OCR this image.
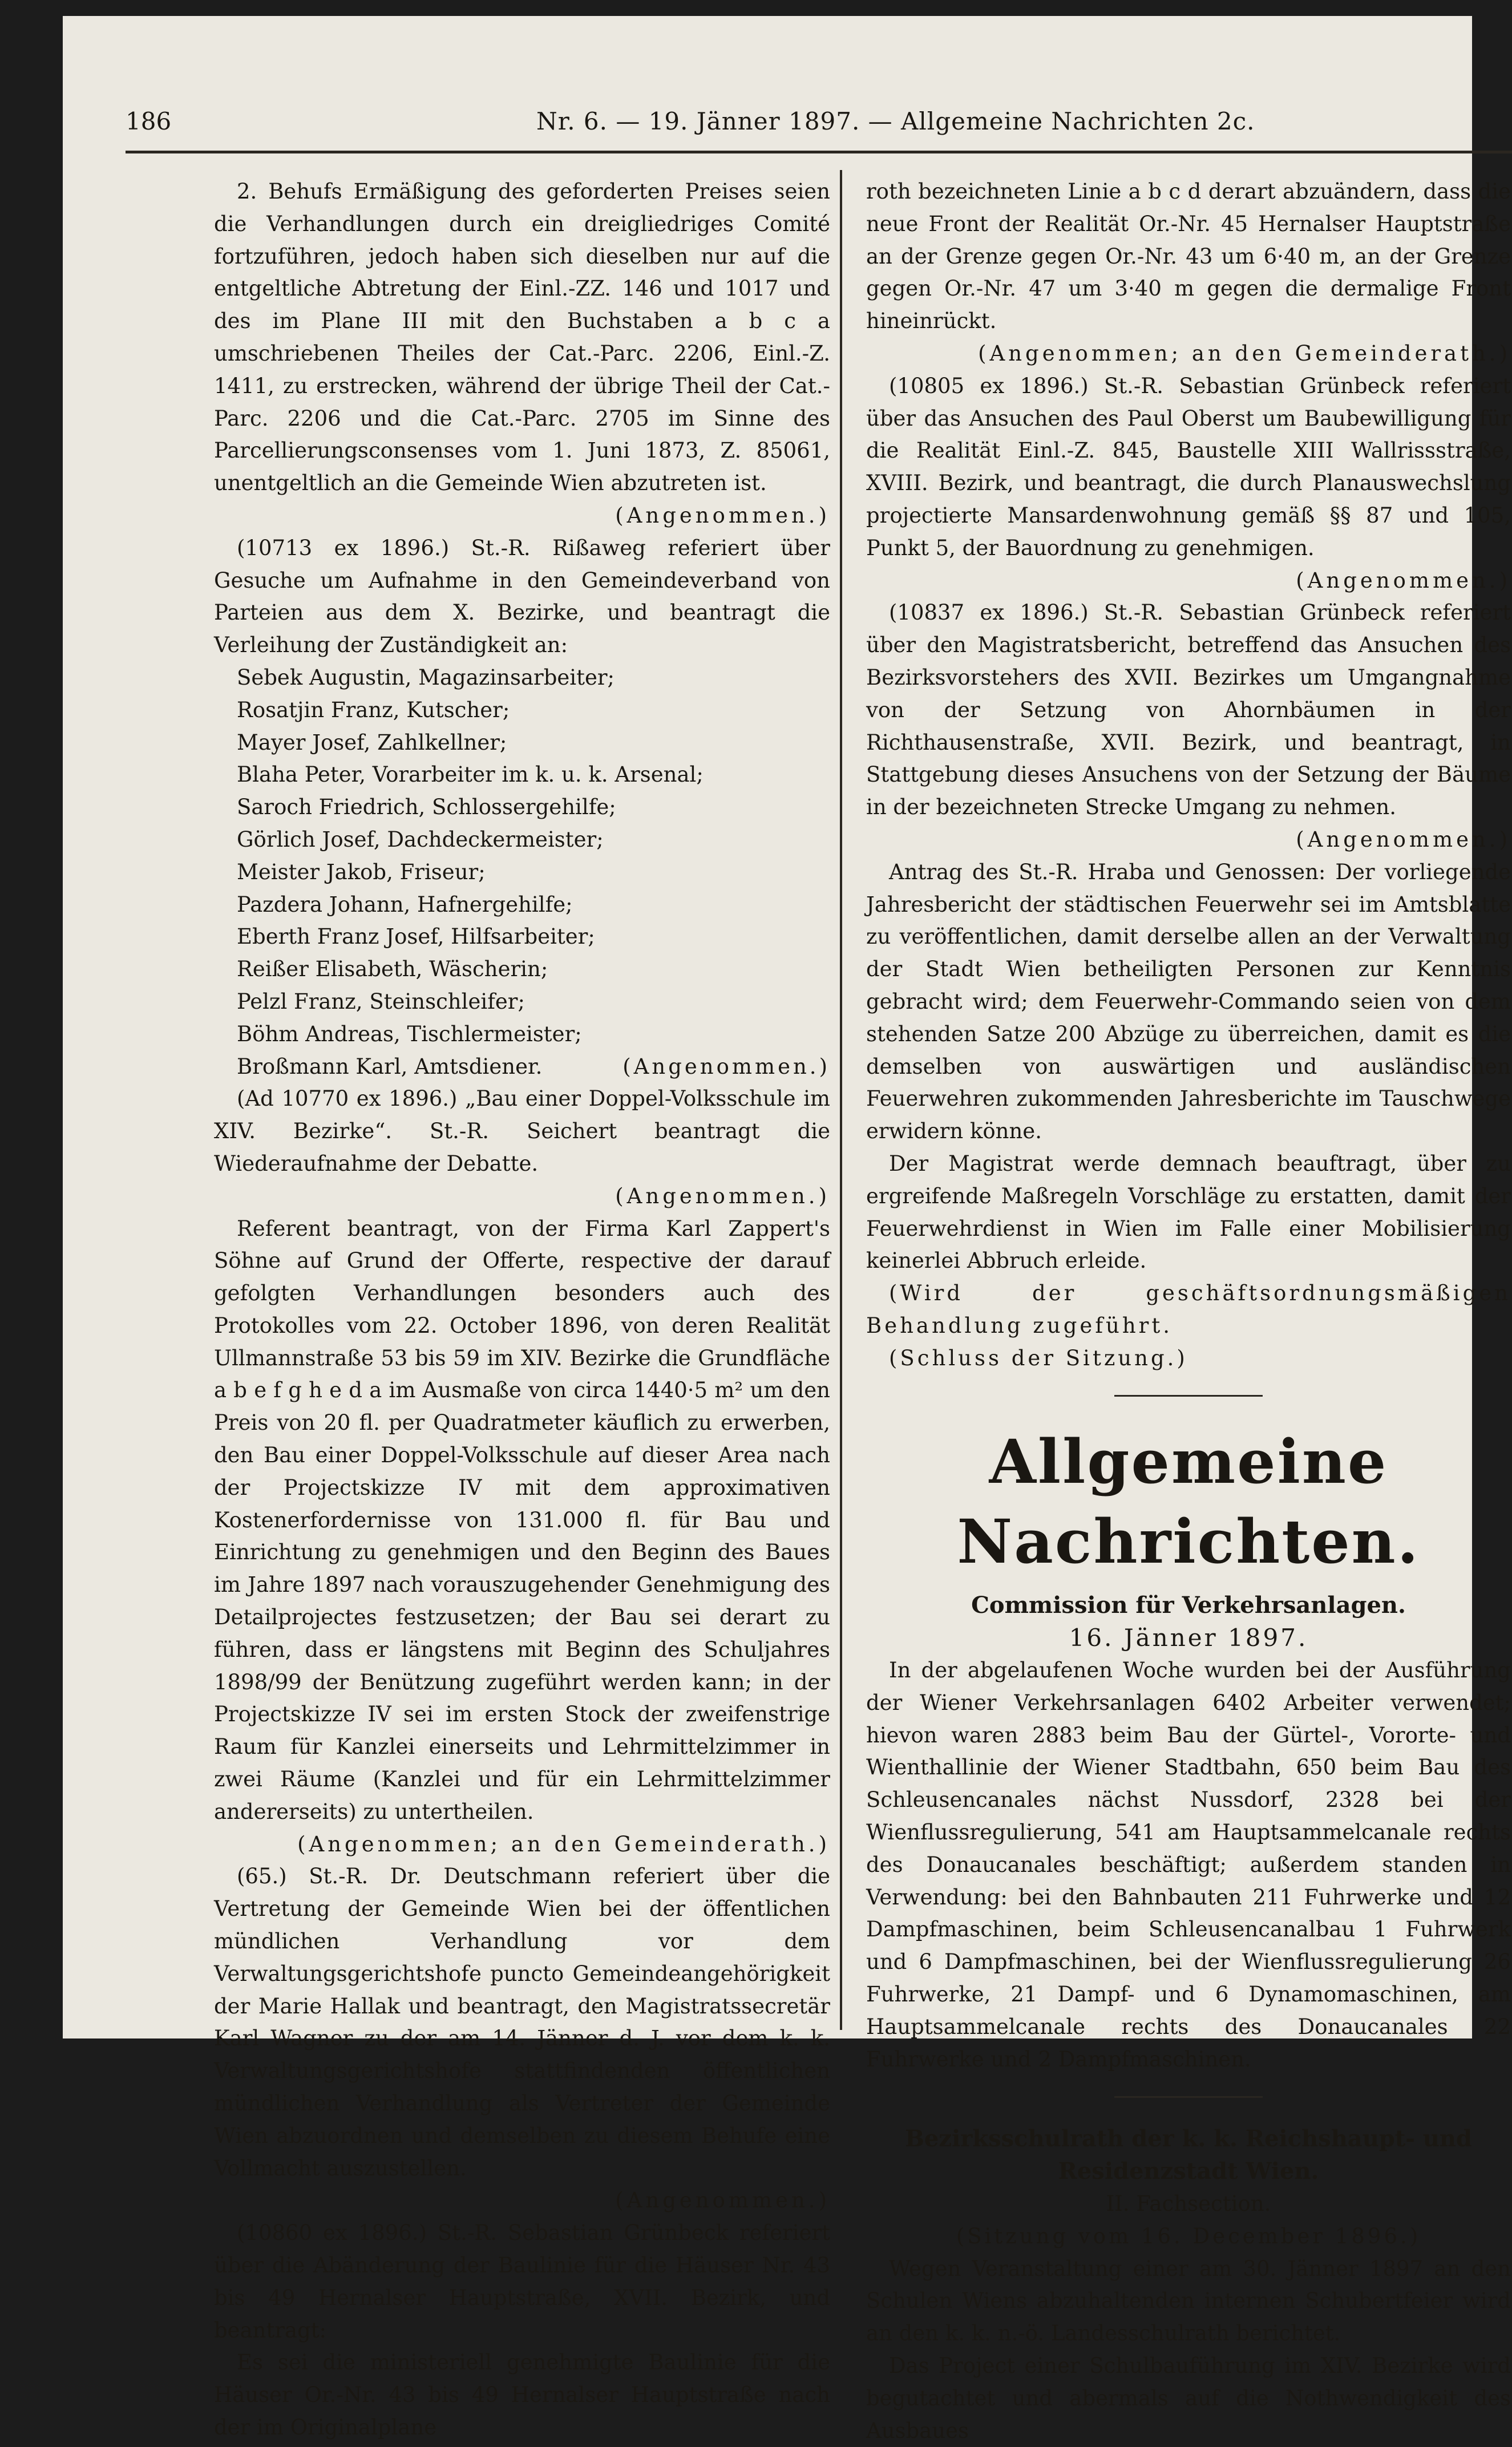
186	Nr. 6. — 19. Jänner 1897. — Allgemeine Nachrichten 2c.

2. Behufs Ermäßigung des geforderten Preises seien die Verhandlungen durch ein dreigliedriges Comité fortzuführen, jedoch haben sich dieselben nur auf die entgeltliche Abtretung der Einl.-ZZ. 146 und 1017 und des im Plane III mit den Buchstaben a b c a umschriebenen Theiles der Cat.-Parc. 2206, Einl.-Z. 1411, zu erstrecken, während der übrige Theil der Cat.-Parc. 2206 und die Cat.-Parc. 2705 im Sinne des Parcellierungsconsenses vom 1. Juni 1873, Z. 85061, unentgeltlich an die Gemeinde Wien abzutreten ist.

(Angenommen.)

(10713 ex 1896.) St.-R. Rißaweg referiert über Gesuche um Aufnahme in den Gemeindeverband von Parteien aus dem X. Bezirke, und beantragt die Verleihung der Zuständigkeit an:

Sebek Augustin, Magazinsarbeiter;
Rosatjin Franz, Kutscher;
Mayer Josef, Zahlkellner;
Blaha Peter, Vorarbeiter im k. u. k. Arsenal;
Saroch Friedrich, Schlossergehilfe;
Görlich Josef, Dachdeckermeister;
Meister Jakob, Friseur;
Pazdera Johann, Hafnergehilfe;
Eberth Franz Josef, Hilfsarbeiter;
Reißer Elisabeth, Wäscherin;
Pelzl Franz, Steinschleifer;
Böhm Andreas, Tischlermeister;
Broßmann Karl, Amtsdiener.	(Angenommen.)

(Ad 10770 ex 1896.) „Bau einer Doppel-Volksschule im XIV. Bezirke“. St.-R. Seichert beantragt die Wiederaufnahme der Debatte.

(Angenommen.)

Referent beantragt, von der Firma Karl Zappert's Söhne auf Grund der Offerte, respective der darauf gefolgten Verhandlungen besonders auch des Protokolles vom 22. October 1896, von deren Realität Ullmannstraße 53 bis 59 im XIV. Bezirke die Grundfläche a b e f g h e d a im Ausmaße von circa 1440·5 m² um den Preis von 20 fl. per Quadratmeter käuflich zu erwerben, den Bau einer Doppel-Volksschule auf dieser Area nach der Projectskizze IV mit dem approximativen Kostenerfordernisse von 131.000 fl. für Bau und Einrichtung zu genehmigen und den Beginn des Baues im Jahre 1897 nach vorauszugehender Genehmigung des Detailprojectes festzusetzen; der Bau sei derart zu führen, dass er längstens mit Beginn des Schuljahres 1898/99 der Benützung zugeführt werden kann; in der Projectskizze IV sei im ersten Stock der zweifenstrige Raum für Kanzlei einerseits und Lehrmittelzimmer in zwei Räume (Kanzlei und für ein Lehrmittelzimmer andererseits) zu untertheilen.

(Angenommen; an den Gemeinderath.)

(65.) St.-R. Dr. Deutschmann referiert über die Vertretung der Gemeinde Wien bei der öffentlichen mündlichen Verhandlung vor dem Verwaltungsgerichtshofe puncto Gemeindeangehörigkeit der Marie Hallak und beantragt, den Magistratssecretär Karl Wagner zu der am 14. Jänner d. J. vor dem k. k. Verwaltungsgerichtshofe stattfindenden öffentlichen mündlichen Verhandlung als Vertreter der Gemeinde Wien abzuordnen und demselben zu diesem Behufe eine Vollmacht auszustellen.

(Angenommen.)

(10860 ex 1896.) St.-R. Sebastian Grünbeck referiert über die Abänderung der Baulinie für die Häuser Nr. 43 bis 49 Hernalser Hauptstraße, XVII. Bezirk, und beantragt:

Es sei die ministeriell genehmigte Baulinie für die Häuser Or.-Nr. 43 bis 49 Hernalser Hauptstraße nach der im Originalplane

roth bezeichneten Linie a b c d derart abzuändern, dass die neue Front der Realität Or.-Nr. 45 Hernalser Hauptstraße an der Grenze gegen Or.-Nr. 43 um 6·40 m, an der Grenze gegen Or.-Nr. 47 um 3·40 m gegen die dermalige Front hineinrückt.

(Angenommen; an den Gemeinderath.)

(10805 ex 1896.) St.-R. Sebastian Grünbeck referiert über das Ansuchen des Paul Oberst um Baubewilligung für die Realität Einl.-Z. 845, Baustelle XIII Wallrissstraße, XVIII. Bezirk, und beantragt, die durch Planauswechslung projectierte Mansardenwohnung gemäß §§ 87 und 105, Punkt 5, der Bauordnung zu genehmigen.

(Angenommen.)

(10837 ex 1896.) St.-R. Sebastian Grünbeck referiert über den Magistratsbericht, betreffend das Ansuchen des Bezirksvorstehers des XVII. Bezirkes um Umgangnahme von der Setzung von Ahornbäumen in der Richthausenstraße, XVII. Bezirk, und beantragt, in Stattgebung dieses Ansuchens von der Setzung der Bäume in der bezeichneten Strecke Umgang zu nehmen.

(Angenommen.)

Antrag des St.-R. Hraba und Genossen: Der vorliegende Jahresbericht der städtischen Feuerwehr sei im Amtsblatte zu veröffentlichen, damit derselbe allen an der Verwaltung der Stadt Wien betheiligten Personen zur Kenntnis gebracht wird; dem Feuerwehr-Commando seien von dem stehenden Satze 200 Abzüge zu überreichen, damit es die demselben von auswärtigen und ausländischen Feuerwehren zukommenden Jahresberichte im Tauschwege erwidern könne.

Der Magistrat werde demnach beauftragt, über zu ergreifende Maßregeln Vorschläge zu erstatten, damit der Feuerwehrdienst in Wien im Falle einer Mobilisierung keinerlei Abbruch erleide.

(Wird der geschäftsordnungsmäßigen Behandlung zugeführt.

(Schluss der Sitzung.)

Allgemeine Nachrichten.

Commission für Verkehrsanlagen.

16. Jänner 1897.

In der abgelaufenen Woche wurden bei der Ausführung der Wiener Verkehrsanlagen 6402 Arbeiter verwendet; hievon waren 2883 beim Bau der Gürtel-, Vororte- und Wienthallinie der Wiener Stadtbahn, 650 beim Bau des Schleusencanales nächst Nussdorf, 2328 bei der Wienflussregulierung, 541 am Hauptsammelcanale rechts des Donaucanales beschäftigt; außerdem standen in Verwendung: bei den Bahnbauten 211 Fuhrwerke und 12 Dampfmaschinen, beim Schleusencanalbau 1 Fuhrwerk und 6 Dampfmaschinen, bei der Wienflussregulierung 26 Fuhrwerke, 21 Dampf- und 6 Dynamomaschinen, am Hauptsammelcanale rechts des Donaucanales 22 Fuhrwerke und 2 Dampfmaschinen.

Bezirksschulrath der k. k. Reichshaupt- und Residenzstadt Wien.

II. Fachsection.

(Sitzung vom 16. December 1896.)

Wegen Veranstaltung einer am 30. Jänner 1897 an den Schulen Wiens abzuhaltenden internen Schubertfeier wird an den k. k. n.-ö. Landesschulrath berichtet.

Das Project einer Schulbauführung im XIV. Bezirke wird begutachtet und abermals auf die Nothwendigkeit des Ausbaues
